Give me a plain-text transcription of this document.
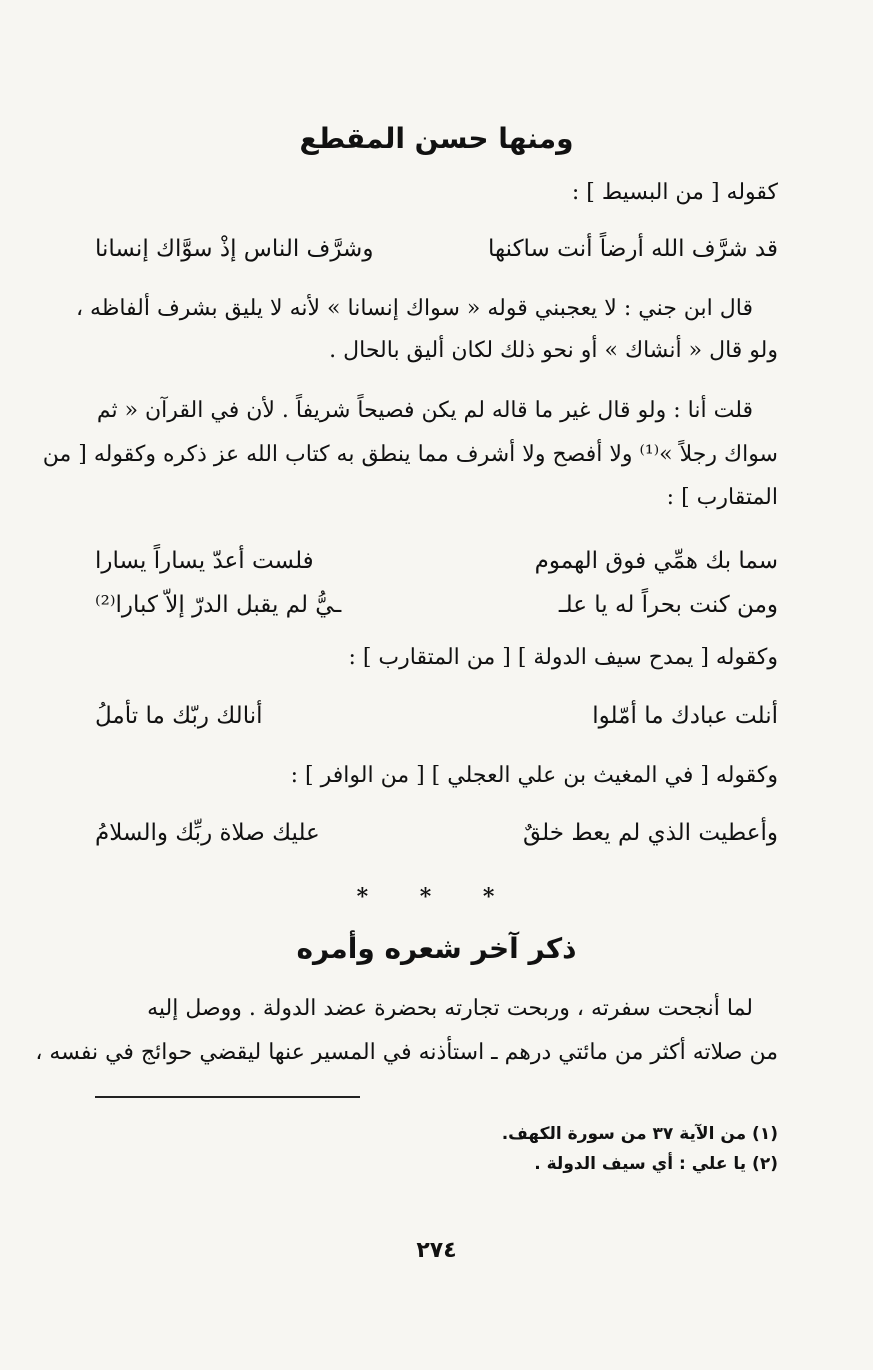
ومنها حسن المقطع
كقوله [ من البسيط ] :
قد شرَّف الله أرضاً أنت ساكنها
وشرَّف الناس إذْ سوَّاك إنسانا
قال ابن جني : لا يعجبني قوله « سواك إنسانا » لأنه لا يليق بشرف ألفاظه ،
ولو قال « أنشاك » أو نحو ذلك لكان أليق بالحال .
قلت أنا : ولو قال غير ما قاله لم يكن فصيحاً شريفاً . لأن في القرآن « ثم
سواك رجلاً »⁽¹⁾ ولا أفصح ولا أشرف مما ينطق به كتاب الله عز ذكره وكقوله [ من
المتقارب ] :
سما بك همِّي فوق الهموم
فلست أعدّ يساراً يسارا
ومن كنت بحراً له يا علـ
ـيُّ لم يقبل الدرّ إلاّ كبارا⁽²⁾
وكقوله [ يمدح سيف الدولة ] [ من المتقارب ] :
أنلت عبادك ما أمّلوا
أنالك ربّك ما تأملُ
وكقوله [ في المغيث بن علي العجلي ] [ من الوافر ] :
وأعطيت الذي لم يعط خلقٌ
عليك صلاة ربِّك والسلامُ
* * *
ذكر آخر شعره وأمره
لما أنجحت سفرته ، وربحت تجارته بحضرة عضد الدولة . ووصل إليه
من صلاته أكثر من مائتي درهم ـ استأذنه في المسير عنها ليقضي حوائج في نفسه ،
(١) من الآية ٣٧ من سورة الكهف.
(٢) يا علي : أي سيف الدولة .
٢٧٤
